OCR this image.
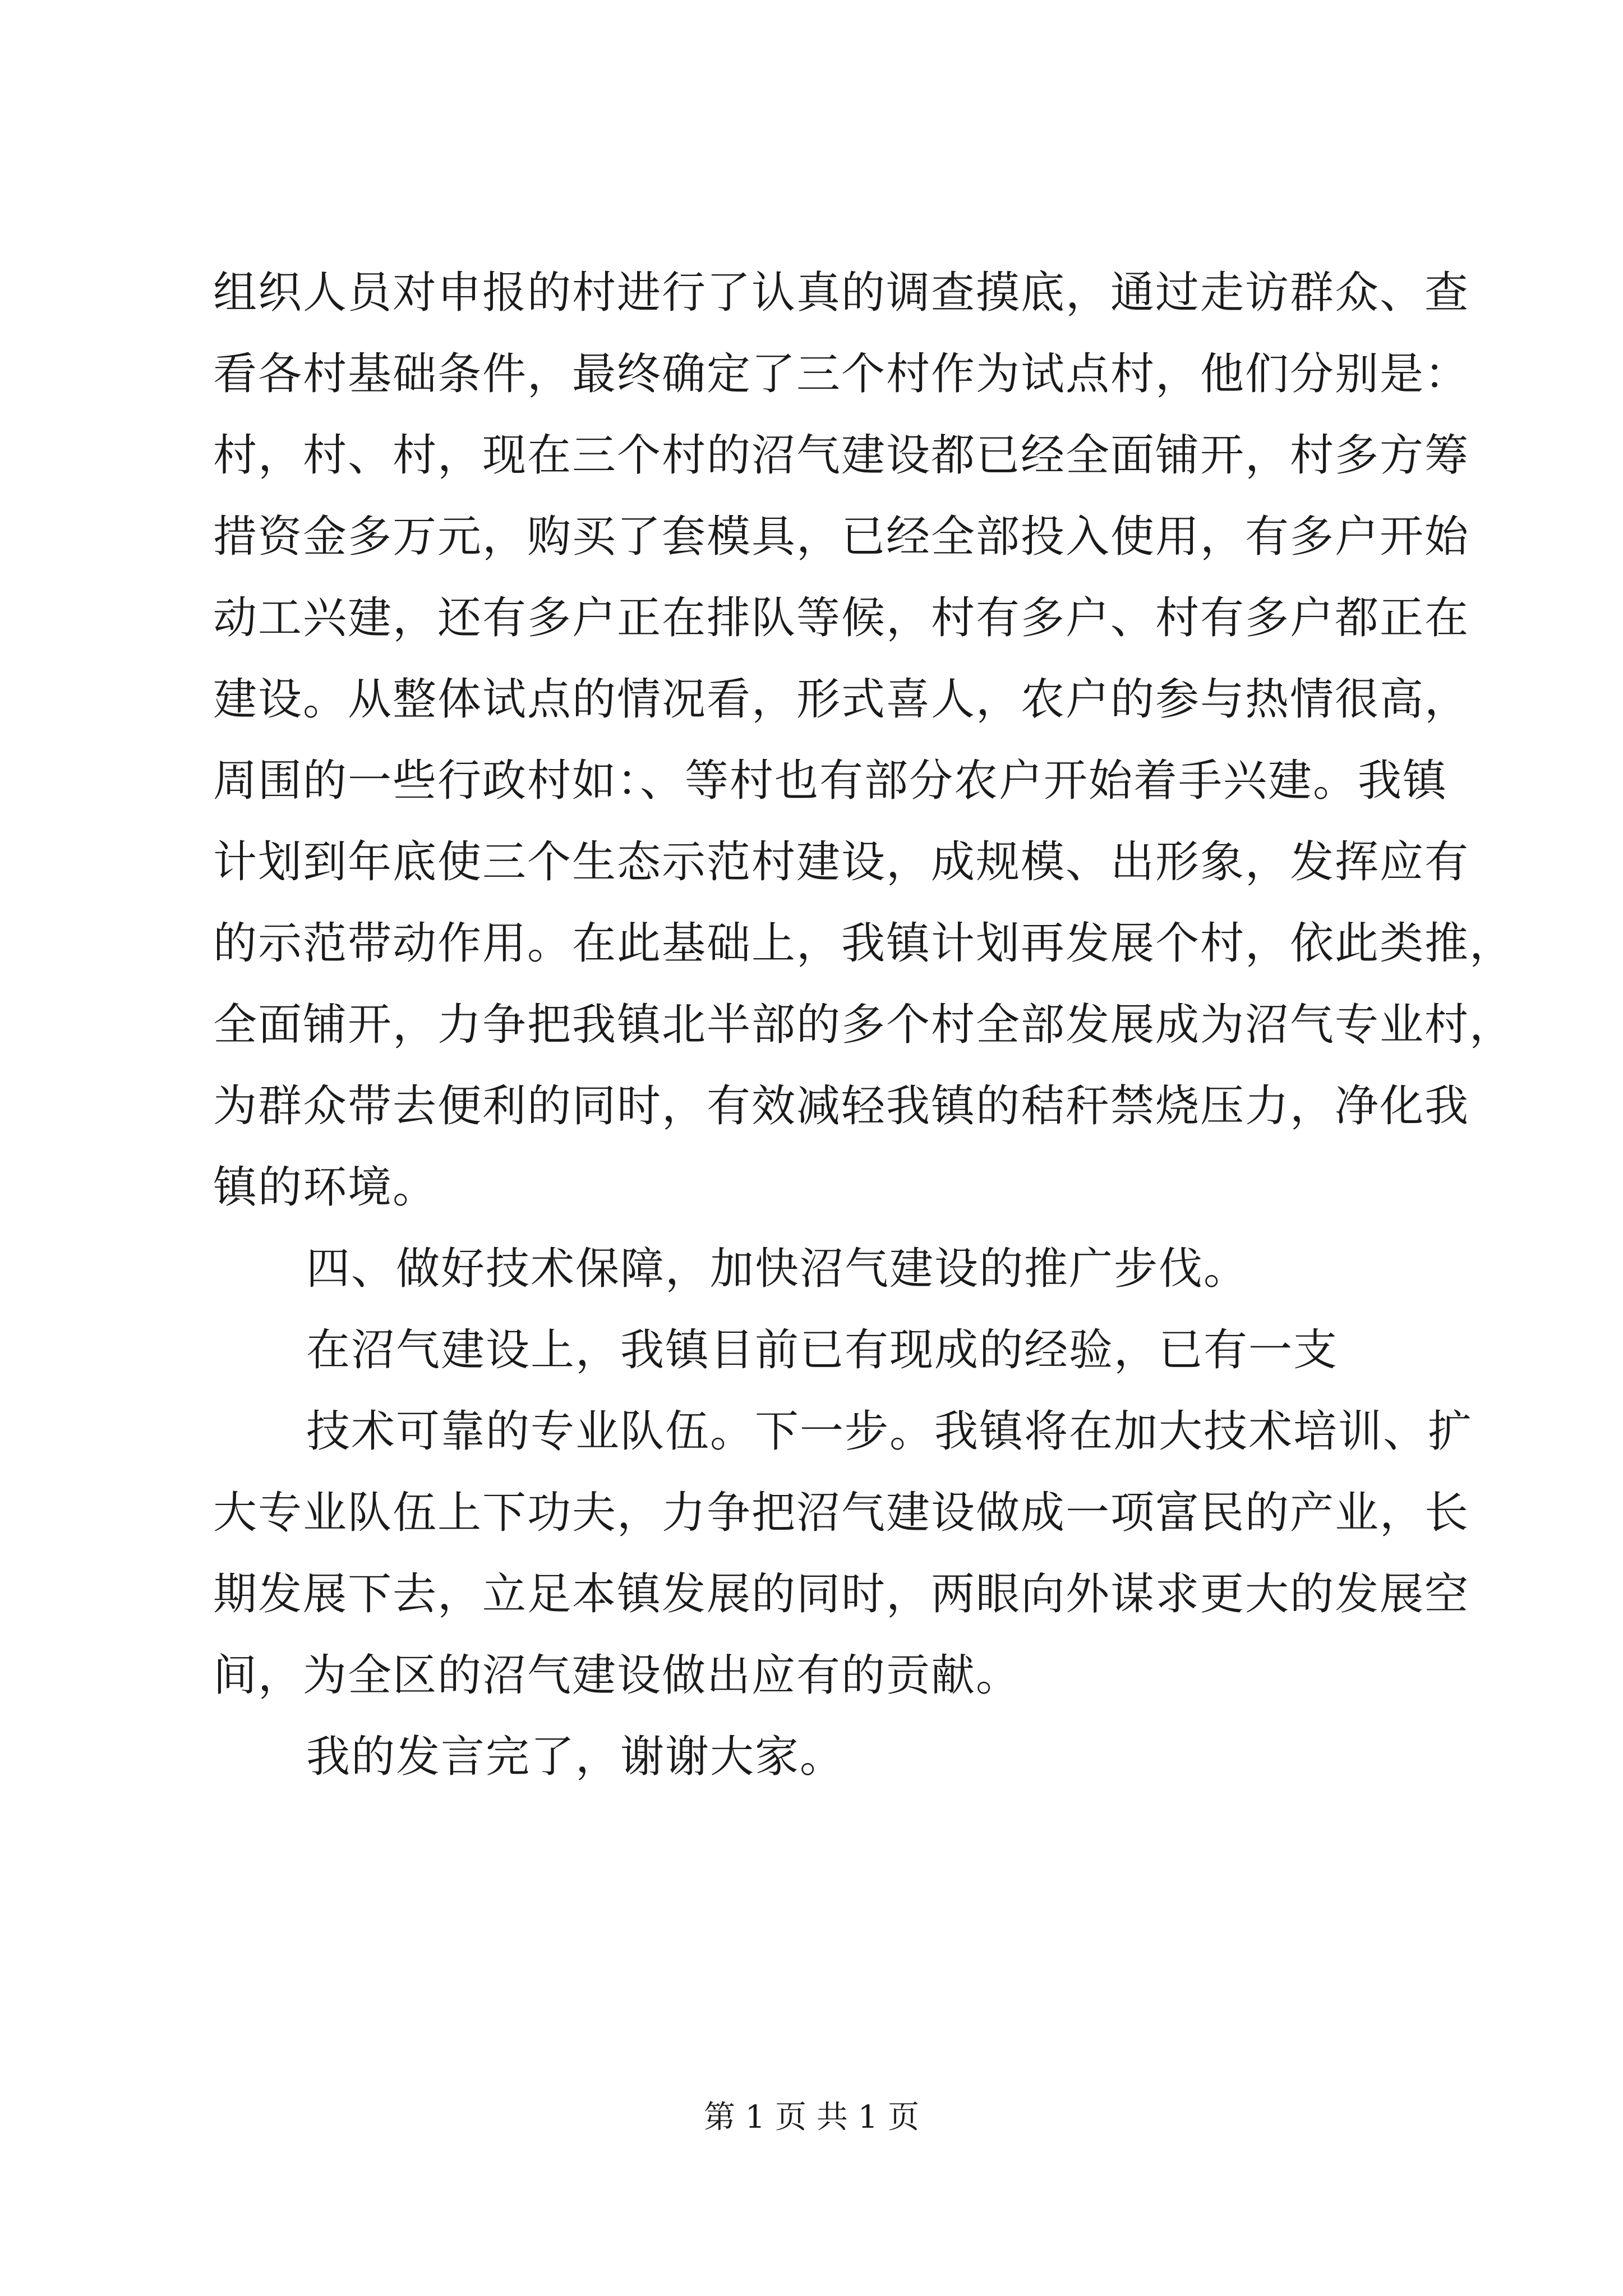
组织人员对申报的村进行了认真的调查摸底，通过走访群众、查
看各村基础条件，最终确定了三个村作为试点村，他们分别是：
村，村、村，现在三个村的沼气建设都已经全面铺开，村多方筹
措资金多万元，购买了套模具，已经全部投入使用，有多户开始
动工兴建，还有多户正在排队等候，村有多户、村有多户都正在
建设。从整体试点的情况看，形式喜人，农户的参与热情很高，
周围的一些行政村如：、等村也有部分农户开始着手兴建。我镇
计划到年底使三个生态示范村建设，成规模、出形象，发挥应有
的示范带动作用。在此基础上，我镇计划再发展个村，依此类推，
全面铺开，力争把我镇北半部的多个村全部发展成为沼气专业村，
为群众带去便利的同时，有效减轻我镇的秸秆禁烧压力，净化我
镇的环境。
四、做好技术保障，加快沼气建设的推广步伐。
在沼气建设上，我镇目前已有现成的经验，已有一支
技术可靠的专业队伍。下一步。我镇将在加大技术培训、扩
大专业队伍上下功夫，力争把沼气建设做成一项富民的产业，长
期发展下去，立足本镇发展的同时，两眼向外谋求更大的发展空
间，为全区的沼气建设做出应有的贡献。
我的发言完了，谢谢大家。
第 1 页 共 1 页
